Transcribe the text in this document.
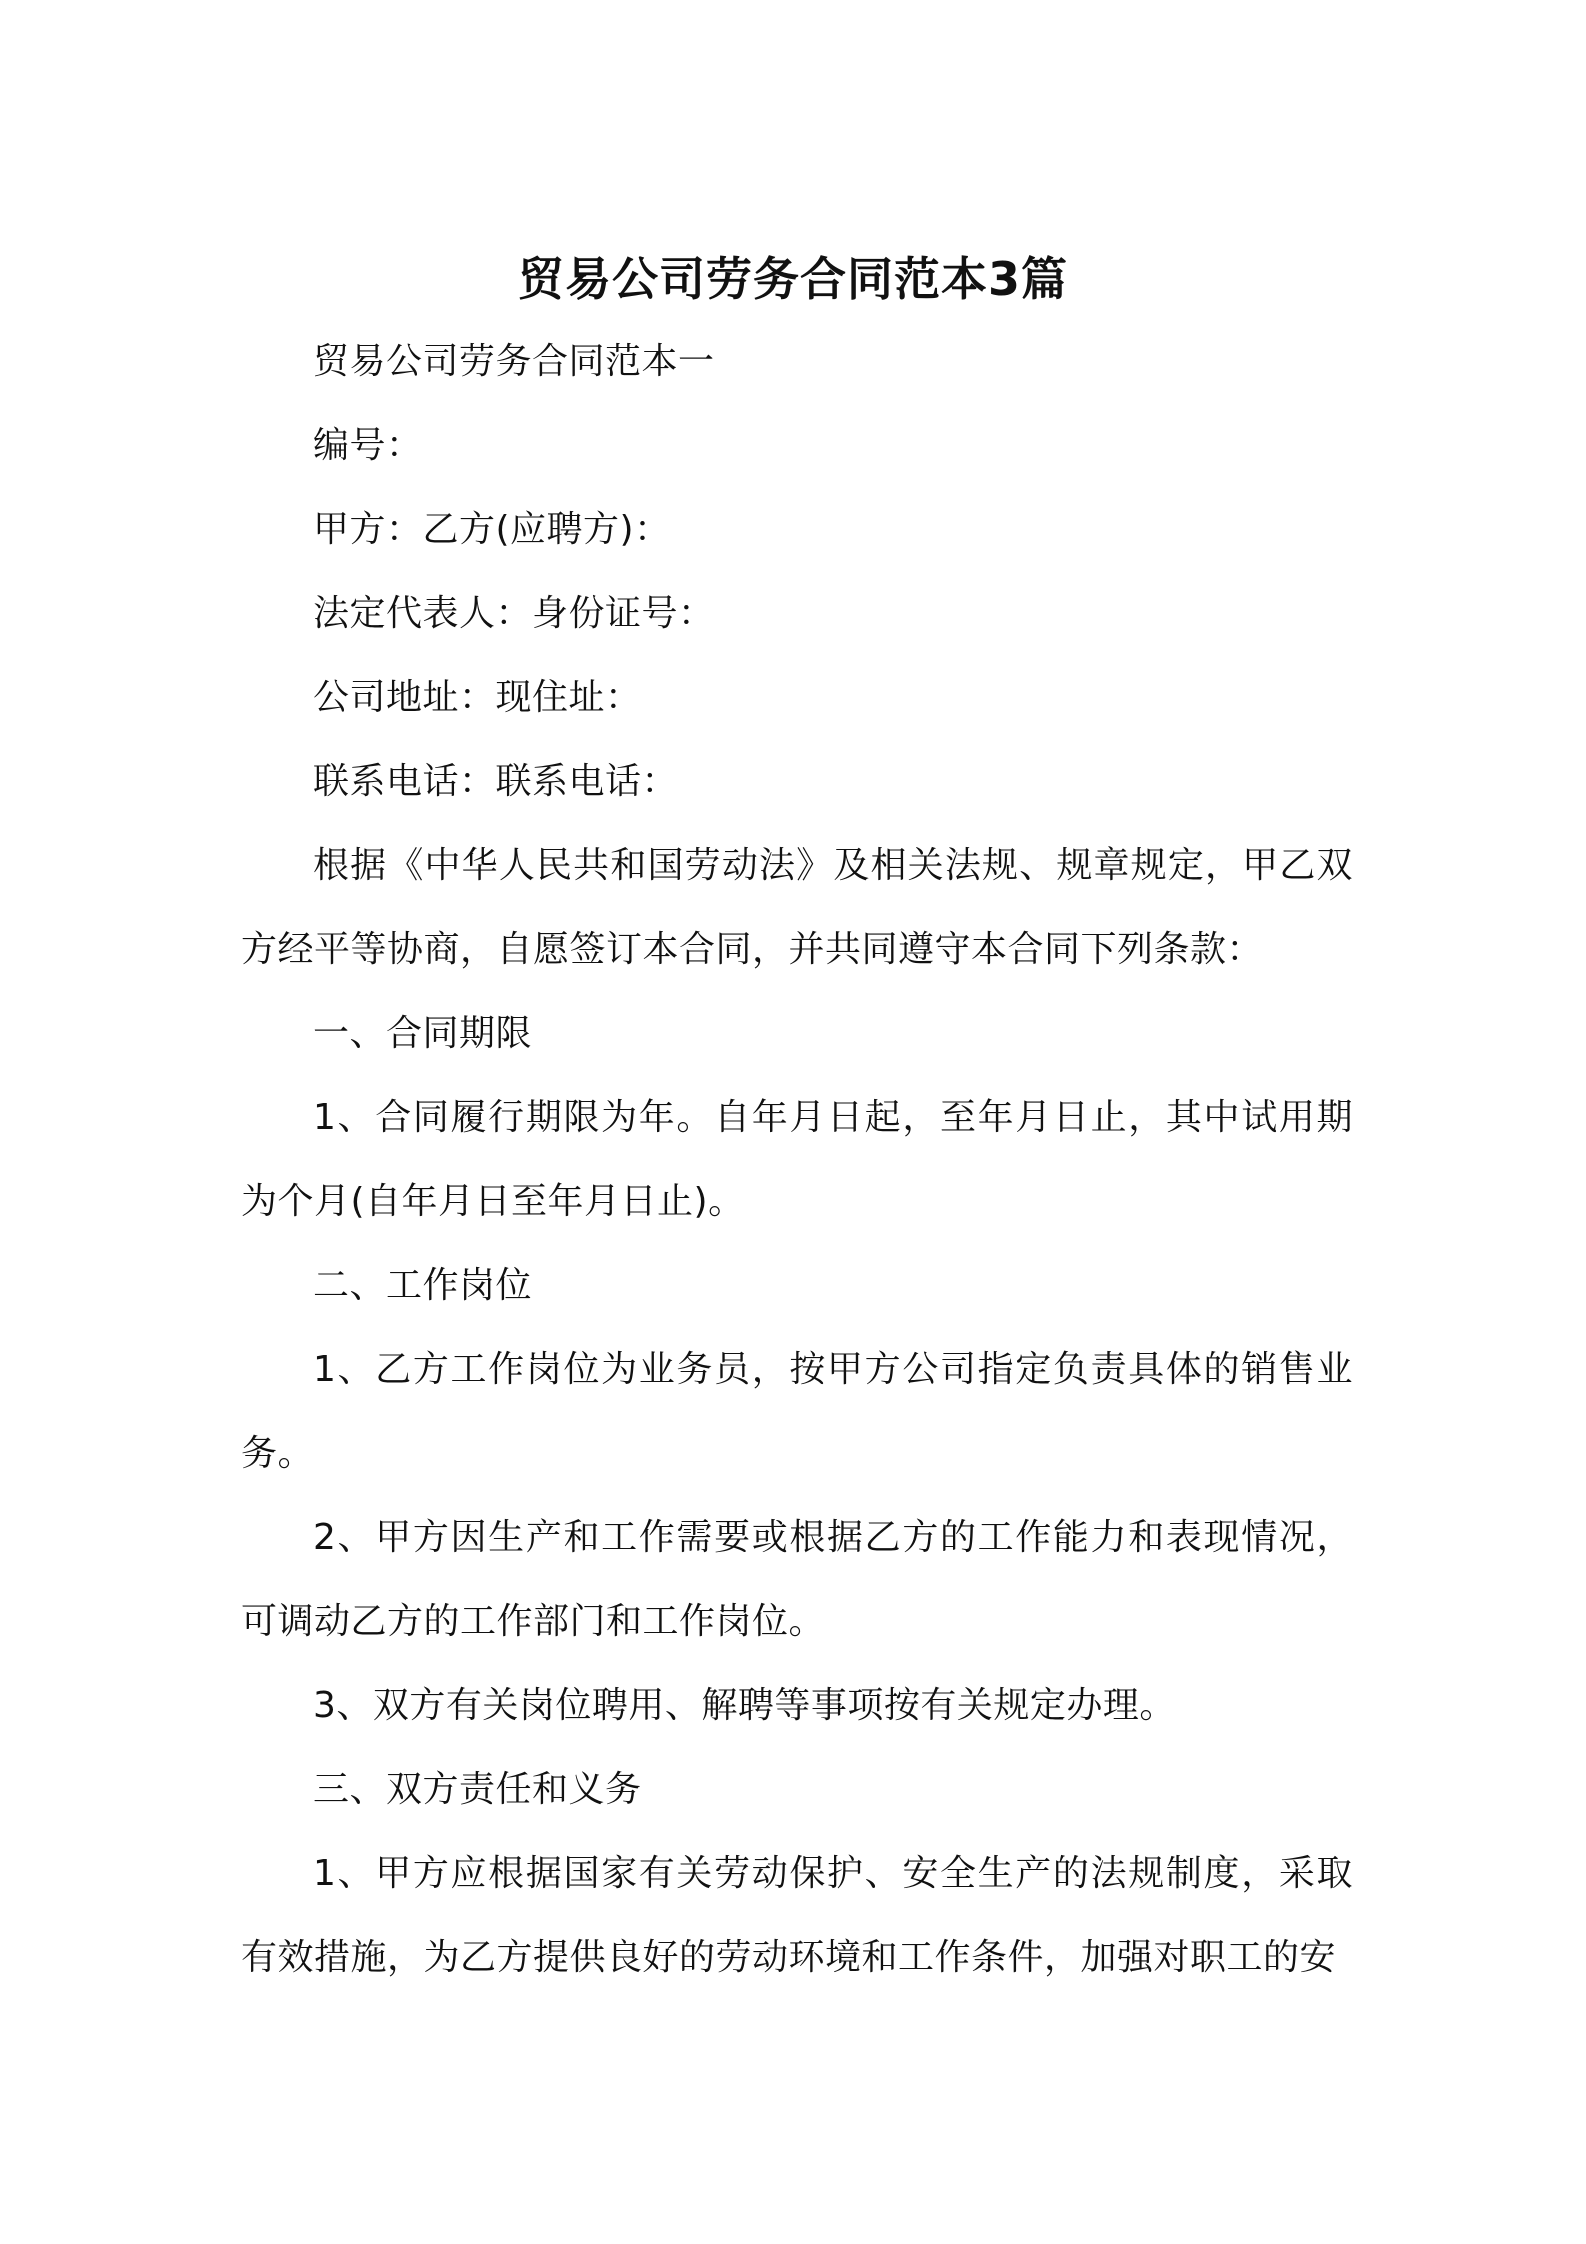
贸易公司劳务合同范本3篇

贸易公司劳务合同范本一

编号：

甲方：乙方(应聘方)：

法定代表人：身份证号：

公司地址：现住址：

联系电话：联系电话：

根据《中华人民共和国劳动法》及相关法规、规章规定，甲乙双方经平等协商，自愿签订本合同，并共同遵守本合同下列条款：

一、合同期限

1、合同履行期限为年。自年月日起，至年月日止，其中试用期为个月(自年月日至年月日止)。

二、工作岗位

1、乙方工作岗位为业务员，按甲方公司指定负责具体的销售业务。

2、甲方因生产和工作需要或根据乙方的工作能力和表现情况，可调动乙方的工作部门和工作岗位。

3、双方有关岗位聘用、解聘等事项按有关规定办理。

三、双方责任和义务

1、甲方应根据国家有关劳动保护、安全生产的法规制度，采取有效措施，为乙方提供良好的劳动环境和工作条件，加强对职工的安
